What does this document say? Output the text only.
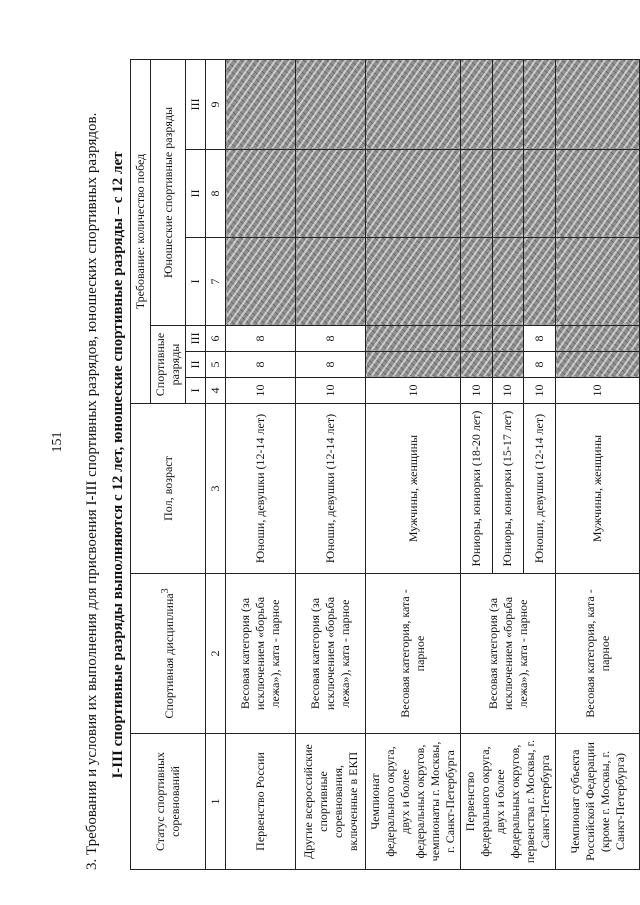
151	3. Требования и условия их выполнения для присвоения I-III спортивных разрядов, юношеских спортивных разрядов. I-III спортивные разряды выполняются с 12 лет, юношеские спортивные разряды – с 12 лет
Статус спортивных соревнований	Спортивная дисциплина$^3$	Пол, возраст	Требование: количество побед					
			Спортивные разряды			Юношеские спортивные разряды		
			I	II	III	I	II	III
1	2	3	4	5	6	7	8	9
Первенство России	Весовая категория (за исключением «борьба лежа»), ката - парное	Юноши, девушки (12-14 лет)	10	8	8			
Другие всероссийские спортивные соревнования, включенные в ЕКП	Весовая категория (за исключением «борьба лежа»), ката - парное	Юноши, девушки (12-14 лет)	10	8	8			
Чемпионат федерального округа, двух и более федеральных округов, чемпионаты г. Москвы, г. Санкт-Петербурга	Весовая категория, ката - парное	Мужчины, женщины	10					
Первенство федерального округа, двух и более федеральных округов, первенства г. Москвы, г. Санкт-Петербурга	Весовая категория (за исключением «борьба лежа»), ката - парное	Юниоры, юниорки (18-20 лет)	10					
		Юниоры, юниорки (15-17 лет)	10					
		Юноши, девушки (12-14 лет)	10	8	8			
Чемпионат субъекта Российской Федерации (кроме г. Москвы, г. Санкт-Петербурга)	Весовая категория, ката - парное	Мужчины, женщины	10					
